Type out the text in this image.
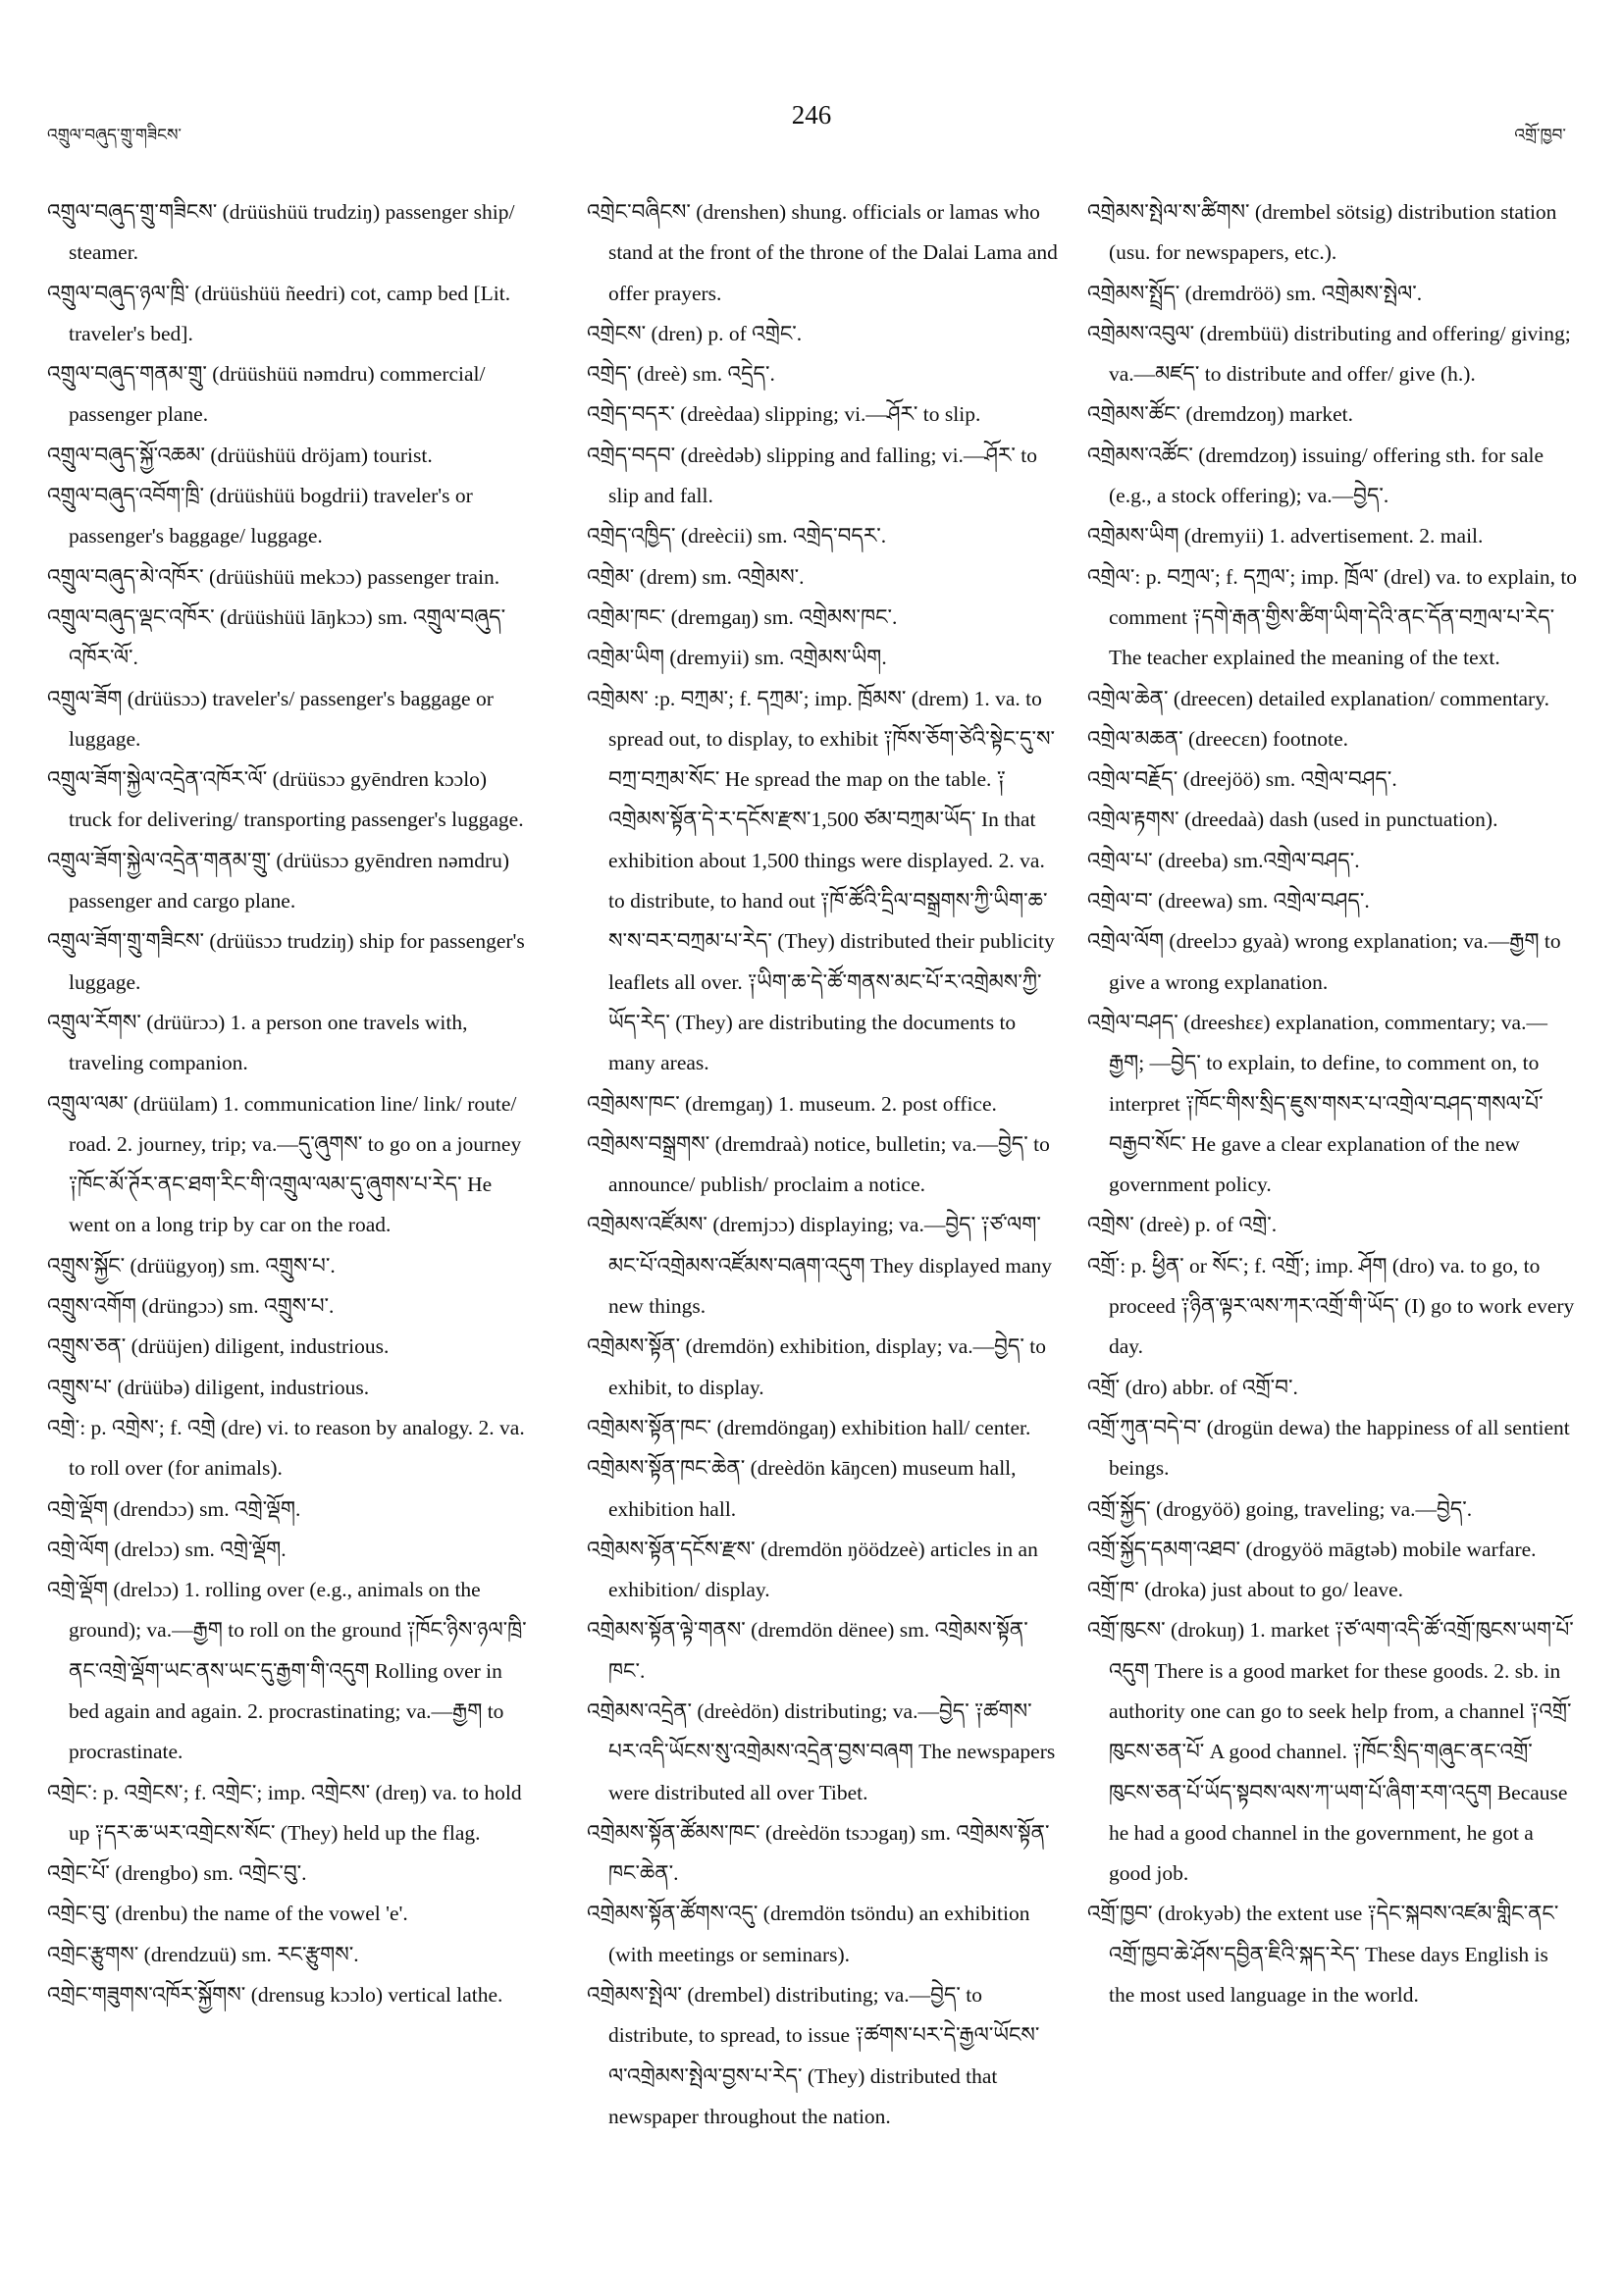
འགྲུལ་བཞུད་གྲུ་གཟིངས་
246
འགྲོ་ཁྱབ་

འགྲུལ་བཞུད་གྲུ་གཟིངས་ (drüüshüü trudziŋ) passenger ship/ steamer.

འགྲུལ་བཞུད་ཉལ་ཁྲི་ (drüüshüü ñeedri) cot, camp bed [Lit. traveler's bed].

འགྲུལ་བཞུད་གནམ་གྲུ་ (drüüshüü nəmdru) commercial/ passenger plane.

འགྲུལ་བཞུད་སྐྱོ་འཆམ་ (drüüshüü dröjam) tourist.

འགྲུལ་བཞུད་འབོག་ཁྲི་ (drüüshüü bogdrii) traveler's or passenger's baggage/ luggage.

འགྲུལ་བཞུད་མེ་འཁོར་ (drüüshüü mekɔɔ) passenger train.

འགྲུལ་བཞུད་ལྡང་འཁོར་ (drüüshüü lāŋkɔɔ) sm. འགྲུལ་བཞུད་འཁོར་ལོ་.

འགྲུལ་ཟོག (drüüsɔɔ) traveler's/ passenger's baggage or luggage.

འགྲུལ་ཟོག་སྐྱེལ་འདྲེན་འཁོར་ལོ་ (drüüsɔɔ gyēndren kɔɔlo) truck for delivering/ transporting passenger's luggage.

འགྲུལ་ཟོག་སྐྱེལ་འདྲེན་གནམ་གྲུ་ (drüüsɔɔ gyēndren nəmdru) passenger and cargo plane.

འགྲུལ་ཟོག་གྲུ་གཟིངས་ (drüüsɔɔ trudziŋ) ship for passenger's luggage.

འགྲུལ་རོགས་ (drüürɔɔ) 1. a person one travels with, traveling companion.

འགྲུལ་ལམ་ (drüülam) 1. communication line/ link/ route/ road. 2. journey, trip; va.—དུ་ཞུགས་ to go on a journey ༑ཁོང་མོ་ཊོར་ནང་ཐག་རིང་གི་འགྲུལ་ལམ་དུ་ཞུགས་པ་རེད་ He went on a long trip by car on the road.

འགྲུས་སྐྱོང་ (drüügyoŋ) sm. འགྲུས་པ་.

འགྲུས་འགོག (drüngɔɔ) sm. འགྲུས་པ་.

འགྲུས་ཅན་ (drüüjen) diligent, industrious.

འགྲུས་པ་ (drüübə) diligent, industrious.

འགྲེ་: p. འགྲེས་; f. འགྲེ (dre) vi. to reason by analogy. 2. va. to roll over (for animals).

འགྲེ་ལྡོག (drendɔɔ) sm. འགྲེ་ལྡོག.

འགྲེ་ལོག (drelɔɔ) sm. འགྲེ་ལྡོག.

འགྲེ་ལྡོག (drelɔɔ) 1. rolling over (e.g., animals on the ground); va.—རྒྱག to roll on the ground ༑ཁོང་ཉིས་ཉལ་ཁྲི་ནང་འགྲེ་ལྡོག་ཡང་ནས་ཡང་དུ་རྒྱག་གི་འདུག Rolling over in bed again and again. 2. procrastinating; va.—རྒྱག to procrastinate.

འགྲེང་: p. འགྲེངས་; f. འགྲེང་; imp. འགྲེངས་ (dreŋ) va. to hold up ༑དར་ཆ་ཡར་འགྲེངས་སོང་ (They) held up the flag.

འགྲེང་པོ་ (drengbo) sm. འགྲེང་བུ་.

འགྲེང་བུ་ (drenbu) the name of the vowel 'e'.

འགྲེང་རྩུགས་ (drendzuü) sm. རང་རྩུགས་.

འགྲེང་གཟུགས་འཁོར་སྐྱོགས་ (drensug kɔɔlo) vertical lathe.

འགྲེང་བཞིངས་ (drenshen) shung. officials or lamas who stand at the front of the throne of the Dalai Lama and offer prayers.

འགྲེངས་ (dren) p. of འགྲེང་.

འགྲེད་ (dreè) sm. འདྲེད་.

འགྲེད་བདར་ (dreèdaa) slipping; vi.—ཤོར་ to slip.

འགྲེད་བདབ་ (dreèdəb) slipping and falling; vi.—ཤོར་ to slip and fall.

འགྲེད་འཁྱིད་ (dreècii) sm. འགྲེད་བདར་.

འགྲེམ་ (drem) sm. འགྲེམས་.

འགྲེམ་ཁང་ (dremgaŋ) sm. འགྲེམས་ཁང་.

འགྲེམ་ཡིག (dremyii) sm. འགྲེམས་ཡིག.

འགྲེམས་ :p. བཀྲམ་; f. དཀྲམ་; imp. ཁྲོམས་ (drem) 1. va. to spread out, to display, to exhibit ༑ཁོས་ཅོག་ཙེའི་སྟེང་དུ་ས་བཀྲ་བཀྲམ་སོང་ He spread the map on the table. ༑འགྲེམས་སྟོན་དེ་ར་དངོས་རྫས་1,500 ཙམ་བཀྲམ་ཡོད་ In that exhibition about 1,500 things were displayed. 2. va. to distribute, to hand out ༑ཁོ་ཚོའི་དྲིལ་བསྒྲགས་ཀྱི་ཡིག་ཆ་ས་ས་བར་བཀྲམ་པ་རེད་ (They) distributed their publicity leaflets all over. ༑ཡིག་ཆ་དེ་ཚོ་གནས་མང་པོ་ར་འགྲེམས་ཀྱི་ཡོད་རེད་ (They) are distributing the documents to many areas.

འགྲེམས་ཁང་ (dremgaŋ) 1. museum. 2. post office.

འགྲེམས་བསྒྲགས་ (dremdraà) notice, bulletin; va.—བྱེད་ to announce/ publish/ proclaim a notice.

འགྲེམས་འཛོམས་ (dremjɔɔ) displaying; va.—བྱེད་ ༑ཙ་ལག་མང་པོ་འགྲེམས་འཛོམས་བཞག་འདུག They displayed many new things.

འགྲེམས་སྟོན་ (dremdön) exhibition, display; va.—བྱེད་ to exhibit, to display.

འགྲེམས་སྟོན་ཁང་ (dremdöngaŋ) exhibition hall/ center.

འགྲེམས་སྟོན་ཁང་ཆེན་ (dreèdön kāŋcen) museum hall, exhibition hall.

འགྲེམས་སྟོན་དངོས་རྫས་ (dremdön ŋöödzeè) articles in an exhibition/ display.

འགྲེམས་སྟོན་ལྟེ་གནས་ (dremdön dënee) sm. འགྲེམས་སྟོན་ཁང་.

འགྲེམས་འདྲེན་ (dreèdön) distributing; va.—བྱེད་ ༑ཚགས་པར་འདི་ཡོངས་སུ་འགྲེམས་འདྲེན་བྱས་བཞག The newspapers were distributed all over Tibet.

འགྲེམས་སྟོན་ཚོམས་ཁང་ (dreèdön tsɔɔgaŋ) sm. འགྲེམས་སྟོན་ཁང་ཆེན་.

འགྲེམས་སྟོན་ཚོགས་འདུ་ (dremdön tsöndu) an exhibition (with meetings or seminars).

འགྲེམས་སྤེལ་ (drembel) distributing; va.—བྱེད་ to distribute, to spread, to issue ༑ཚགས་པར་དེ་རྒྱལ་ཡོངས་ལ་འགྲེམས་སྤེལ་བྱས་པ་རེད་ (They) distributed that newspaper throughout the nation.

འགྲེམས་སྤེལ་ས་ཚིགས་ (drembel sötsig) distribution station (usu. for newspapers, etc.).

འགྲེམས་སྤྲོད་ (dremdröö) sm. འགྲེམས་སྤེལ་.

འགྲེམས་འབུལ་ (drembüü) distributing and offering/ giving; va.—མཛད་ to distribute and offer/ give (h.).

འགྲེམས་ཚོང་ (dremdzoŋ) market.

འགྲེམས་འཚོང་ (dremdzoŋ) issuing/ offering sth. for sale (e.g., a stock offering); va.—བྱེད་.

འགྲེམས་ཡིག (dremyii) 1. advertisement. 2. mail.

འགྲེལ་: p. བཀྲལ་; f. དཀྲལ་; imp. ཁྲོལ་ (drel) va. to explain, to comment ༑དགེ་རྒན་གྱིས་ཚིག་ཡིག་དེའི་ནང་དོན་བཀྲལ་པ་རེད་ The teacher explained the meaning of the text.

འགྲེལ་ཆེན་ (dreecen) detailed explanation/ commentary.

འགྲེལ་མཆན་ (dreecɛn) footnote.

འགྲེལ་བརྗོད་ (dreejöö) sm. འགྲེལ་བཤད་.

འགྲེལ་རྟགས་ (dreedaà) dash (used in punctuation).

འགྲེལ་པ་ (dreeba) sm.འགྲེལ་བཤད་.

འགྲེལ་བ་ (dreewa) sm. འགྲེལ་བཤད་.

འགྲེལ་ལོག (dreelɔɔ gyaà) wrong explanation; va.—རྒྱག to give a wrong explanation.

འགྲེལ་བཤད་ (dreeshɛɛ) explanation, commentary; va.—རྒྱག; —བྱེད་ to explain, to define, to comment on, to interpret ༑ཁོང་གིས་སྲིད་ཇུས་གསར་པ་འགྲེལ་བཤད་གསལ་པོ་བརྒྱབ་སོང་ He gave a clear explanation of the new government policy.

འགྲེས་ (dreè) p. of འགྲེ་.

འགྲོ་: p. ཕྱིན་ or སོང་; f. འགྲོ་; imp. ཤོག (dro) va. to go, to proceed ༑ཉིན་ལྟར་ལས་ཀར་འགྲོ་གི་ཡོད་ (I) go to work every day.

འགྲོ་ (dro) abbr. of འགྲོ་བ་.

འགྲོ་ཀུན་བདེ་བ་ (drogün dewa) the happiness of all sentient beings.

འགྲོ་སྐྱོད་ (drogyöö) going, traveling; va.—བྱེད་.

འགྲོ་སྐྱོད་དམག་འཐབ་ (drogyöö māgtəb) mobile warfare.

འགྲོ་ཁ་ (droka) just about to go/ leave.

འགྲོ་ཁུངས་ (drokuŋ) 1. market ༑ཙ་ལག་འདི་ཚོ་འགྲོ་ཁུངས་ཡག་པོ་འདུག There is a good market for these goods. 2. sb. in authority one can go to seek help from, a channel ༑འགྲོ་ཁུངས་ཅན་པོ་ A good channel. ༑ཁོང་སྲིད་གཞུང་ནང་འགྲོ་ཁུངས་ཅན་པོ་ཡོད་སྟབས་ལས་ཀ་ཡག་པོ་ཞིག་རག་འདུག Because he had a good channel in the government, he got a good job.

འགྲོ་ཁྱབ་ (drokyəb) the extent use ༑དེང་སྐབས་འཛམ་གླིང་ནང་འགྲོ་ཁྱབ་ཆེ་ཤོས་དབྱིན་ཇིའི་སྐད་རེད་ These days English is the most used language in the world.
